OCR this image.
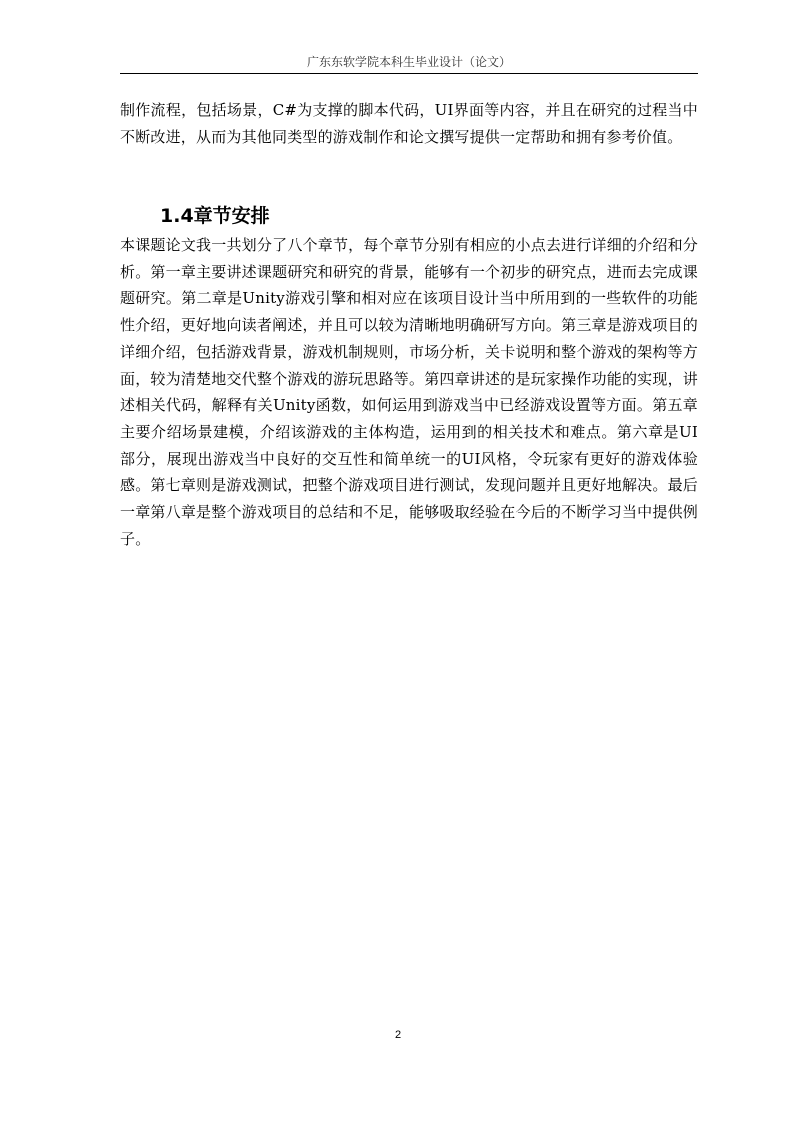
广东东软学院本科生毕业设计（论文）

制作流程，包括场景，C#为支撑的脚本代码，UI界面等内容，并且在研究的过程当中不断改进，从而为其他同类型的游戏制作和论文撰写提供一定帮助和拥有参考价值。

1.4章节安排

本课题论文我一共划分了八个章节，每个章节分别有相应的小点去进行详细的介绍和分析。第一章主要讲述课题研究和研究的背景，能够有一个初步的研究点，进而去完成课题研究。第二章是Unity游戏引擎和相对应在该项目设计当中所用到的一些软件的功能性介绍，更好地向读者阐述，并且可以较为清晰地明确研写方向。第三章是游戏项目的详细介绍，包括游戏背景，游戏机制规则，市场分析，关卡说明和整个游戏的架构等方面，较为清楚地交代整个游戏的游玩思路等。第四章讲述的是玩家操作功能的实现，讲述相关代码，解释有关Unity函数，如何运用到游戏当中已经游戏设置等方面。第五章主要介绍场景建模，介绍该游戏的主体构造，运用到的相关技术和难点。第六章是UI部分，展现出游戏当中良好的交互性和简单统一的UI风格，令玩家有更好的游戏体验感。第七章则是游戏测试，把整个游戏项目进行测试，发现问题并且更好地解决。最后一章第八章是整个游戏项目的总结和不足，能够吸取经验在今后的不断学习当中提供例子。

2
